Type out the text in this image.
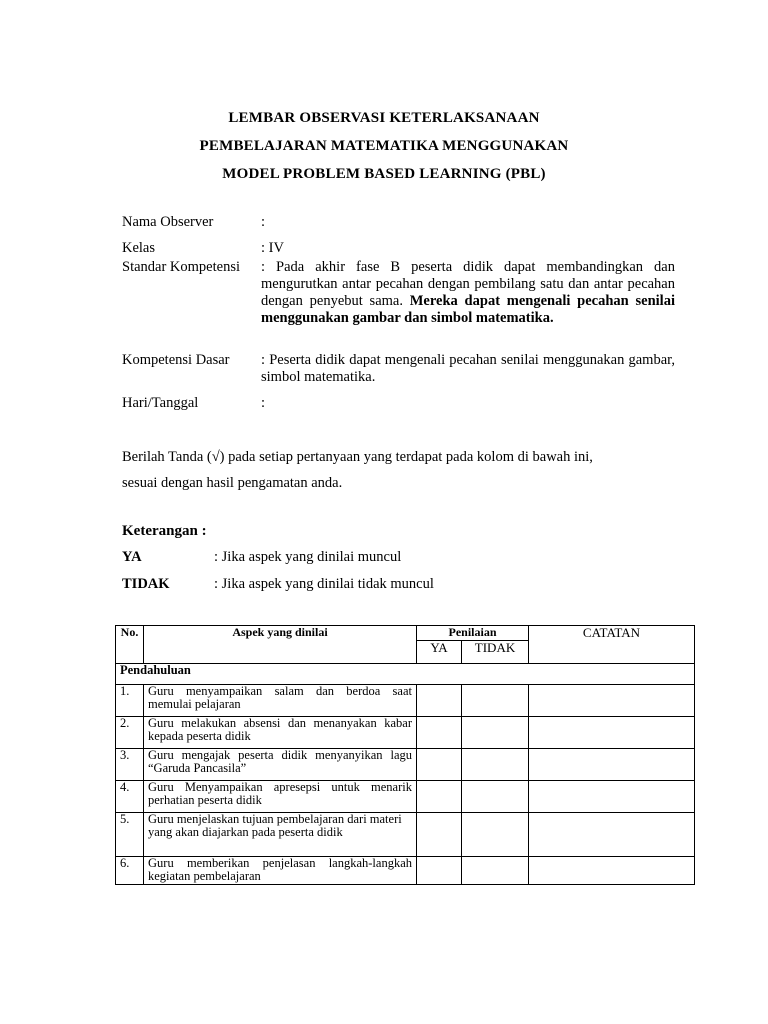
LEMBAR OBSERVASI KETERLAKSANAAN
PEMBELAJARAN MATEMATIKA MENGGUNAKAN
MODEL PROBLEM BASED LEARNING (PBL)
Nama Observer	:
Kelas	: IV
Standar Kompetensi : Pada akhir fase B peserta didik dapat membandingkan dan mengurutkan antar pecahan dengan pembilang satu dan antar pecahan dengan penyebut sama. Mereka dapat mengenali pecahan senilai menggunakan gambar dan simbol matematika.
Kompetensi Dasar : Peserta didik dapat mengenali pecahan senilai menggunakan gambar, simbol matematika.
Hari/Tanggal	:
Berilah Tanda (√) pada setiap pertanyaan yang terdapat pada kolom di bawah ini,
sesuai dengan hasil pengamatan anda.
Keterangan :
YA	: Jika aspek yang dinilai muncul
TIDAK	: Jika aspek yang dinilai tidak muncul
No.	Aspek yang dinilai	Penilaian		CATATAN
		YA	TIDAK	
Pendahuluan				
1.	Guru menyampaikan salam dan berdoa saat memulai pelajaran			
2.	Guru melakukan absensi dan menanyakan kabar kepada peserta didik			
3.	Guru mengajak peserta didik menyanyikan lagu “Garuda Pancasila”			
4.	Guru Menyampaikan apresepsi untuk menarik perhatian peserta didik			
5.	Guru menjelaskan tujuan pembelajaran dari materi
yang akan diajarkan pada peserta didik			
6.	Guru memberikan penjelasan langkah-langkah kegiatan pembelajaran			
